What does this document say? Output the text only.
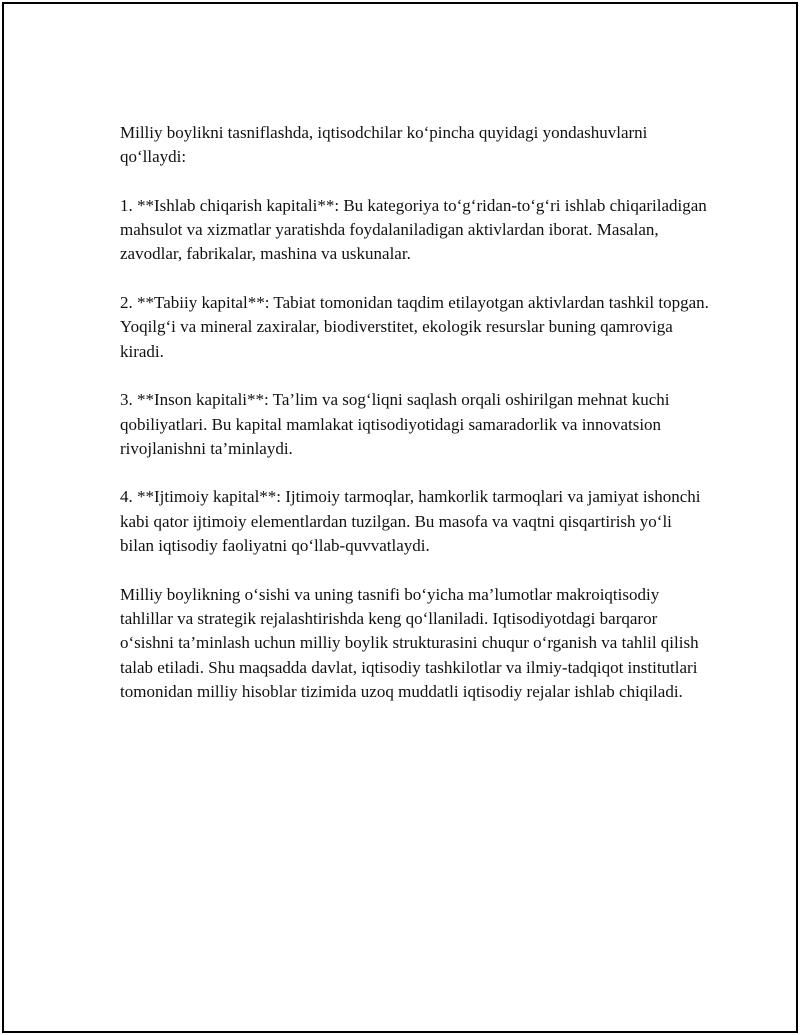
Milliy boylikni tasniflashda, iqtisodchilar ko‘pincha quyidagi yondashuvlarni qo‘llaydi:

1. **Ishlab chiqarish kapitali**: Bu kategoriya to‘g‘ridan-to‘g‘ri ishlab chiqariladigan mahsulot va xizmatlar yaratishda foydalaniladigan aktivlardan iborat. Masalan, zavodlar, fabrikalar, mashina va uskunalar.

2. **Tabiiy kapital**: Tabiat tomonidan taqdim etilayotgan aktivlardan tashkil topgan. Yoqilg‘i va mineral zaxiralar, biodiverstitet, ekologik resurslar buning qamroviga kiradi.

3. **Inson kapitali**: Ta’lim va sog‘liqni saqlash orqali oshirilgan mehnat kuchi qobiliyatlari. Bu kapital mamlakat iqtisodiyotidagi samaradorlik va innovatsion rivojlanishni ta’minlaydi.

4. **Ijtimoiy kapital**: Ijtimoiy tarmoqlar, hamkorlik tarmoqlari va jamiyat ishonchi kabi qator ijtimoiy elementlardan tuzilgan. Bu masofa va vaqtni qisqartirish yo‘li bilan iqtisodiy faoliyatni qo‘llab-quvvatlaydi.

Milliy boylikning o‘sishi va uning tasnifi bo‘yicha ma’lumotlar makroiqtisodiy tahlillar va strategik rejalashtirishda keng qo‘llaniladi. Iqtisodiyotdagi barqaror o‘sishni ta’minlash uchun milliy boylik strukturasini chuqur o‘rganish va tahlil qilish talab etiladi. Shu maqsadda davlat, iqtisodiy tashkilotlar va ilmiy-tadqiqot institutlari tomonidan milliy hisoblar tizimida uzoq muddatli iqtisodiy rejalar ishlab chiqiladi.
